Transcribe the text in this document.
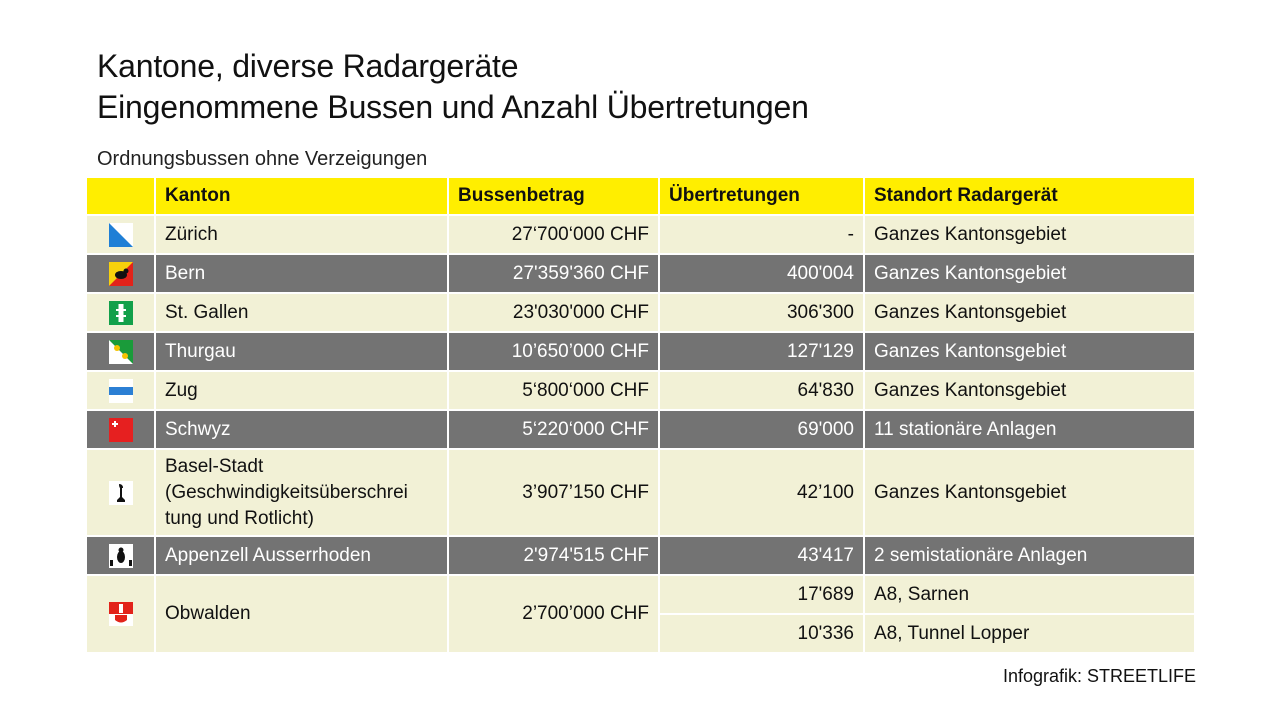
Kantone, diverse Radargeräte
Eingenommene Bussen und Anzahl Übertretungen
Ordnungsbussen ohne Verzeigungen
	Kanton	Bussenbetrag	Übertretungen	Standort Radargerät
	Zürich	27‘700‘000 CHF	-	Ganzes Kantonsgebiet
	Bern	27'359'360 CHF	400'004	Ganzes Kantonsgebiet
	St. Gallen	23'030'000 CHF	306'300	Ganzes Kantonsgebiet
	Thurgau	10’650’000 CHF	127'129	Ganzes Kantonsgebiet
	Zug	5‘800‘000 CHF	64'830	Ganzes Kantonsgebiet
	Schwyz	5‘220‘000 CHF	69'000	11 stationäre Anlagen

Basel-Stadt
(Geschwindigkeitsüberschrei
tung und Rotlicht)	3’907’150 CHF	42’100	Ganzes Kantonsgebiet
	Appenzell Ausserrhoden	2'974'515 CHF	43'417	2 semistationäre Anlagen
	Obwalden	2’700’000 CHF	17'689	A8, Sarnen
			10'336	A8, Tunnel Lopper
Infografik: STREETLIFE
